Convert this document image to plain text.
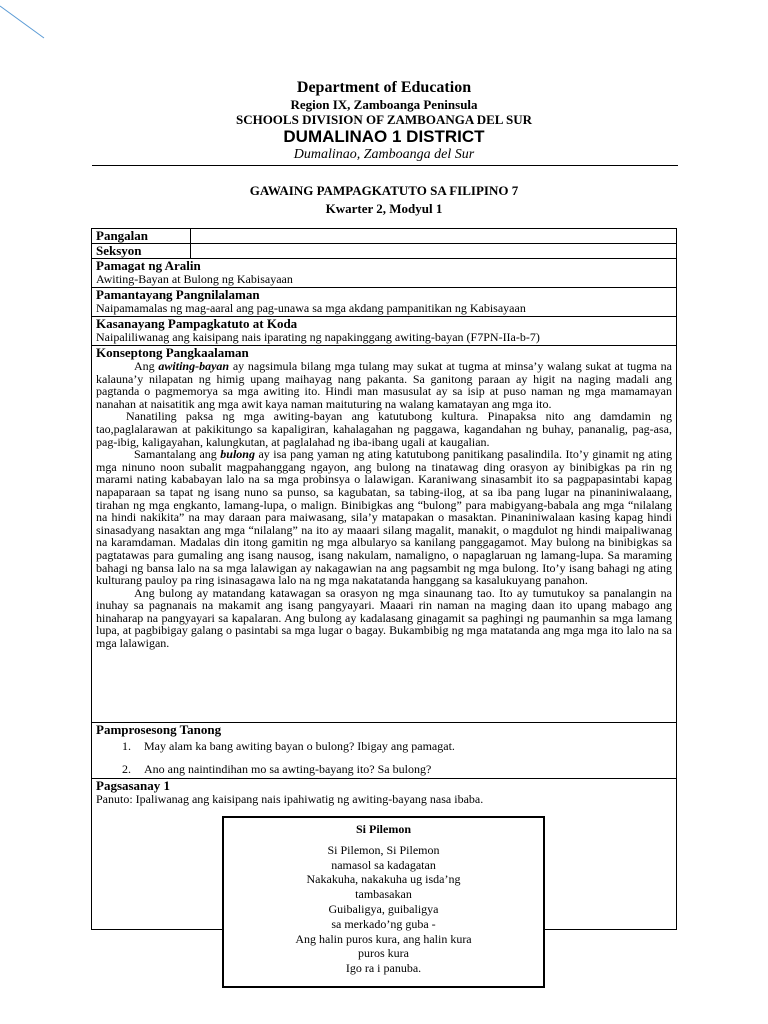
Department of Education
Region IX, Zamboanga Peninsula
SCHOOLS DIVISION OF ZAMBOANGA DEL SUR
DUMALINAO 1 DISTRICT
Dumalinao, Zamboanga del Sur
GAWAING PAMPAGKATUTO SA FILIPINO 7
Kwarter 2, Modyul 1
Pangalan
Seksyon
Pamagat ng Aralin
Awiting-Bayan at Bulong ng Kabisayaan
Pamantayang Pangnilalaman
Naipamamalas ng mag-aaral ang pag-unawa sa mga akdang pampanitikan ng Kabisayaan
Kasanayang Pampagkatuto at Koda
Naipaliliwanag ang kaisipang nais iparating ng napakinggang awiting-bayan (F7PN-IIa-b-7)
Konseptong Pangkaalaman

Ang awiting-bayan ay nagsimula bilang mga tulang may sukat at tugma at minsa’y walang sukat at tugma na kalauna’y nilapatan ng himig upang maihayag nang pakanta. Sa ganitong paraan ay higit na naging madali ang pagtanda o pagmemorya sa mga awiting ito. Hindi man masusulat ay sa isip at puso naman ng mga mamamayan nanahan at naisatitik ang mga awit kaya naman maituturing na walang kamatayan ang mga ito.

Nanatiling paksa ng mga awiting-bayan ang katutubong kultura. Pinapaksa nito ang damdamin ng tao,paglalarawan at pakikitungo sa kapaligiran, kahalagahan ng paggawa, kagandahan ng buhay, pananalig, pag-asa, pag-ibig, kaligayahan, kalungkutan, at paglalahad ng iba-ibang ugali at kaugalian.

Samantalang ang bulong ay isa pang yaman ng ating katutubong panitikang pasalindila. Ito’y ginamit ng ating mga ninuno noon subalit magpahanggang ngayon, ang bulong na tinatawag ding orasyon ay binibigkas pa rin ng marami nating kababayan lalo na sa mga probinsya o lalawigan. Karaniwang sinasambit ito sa pagpapasintabi kapag napaparaan sa tapat ng isang nuno sa punso, sa kagubatan, sa tabing-ilog, at sa iba pang lugar na pinaniniwalaang, tirahan ng mga engkanto, lamang-lupa, o malign. Binibigkas ang “bulong” para mabigyang-babala ang mga “nilalang na hindi nakikita” na may daraan para maiwasang, sila’y matapakan o masaktan. Pinaniniwalaan kasing kapag hindi sinasadyang nasaktan ang mga “nilalang” na ito ay maaari silang magalit, manakit, o magdulot ng hindi maipaliwanag na karamdaman. Madalas din itong gamitin ng mga albularyo sa kanilang panggagamot. May bulong na binibigkas sa pagtatawas para gumaling ang isang nausog, isang nakulam, namaligno, o napaglaruan ng lamang-lupa. Sa maraming bahagi ng bansa lalo na sa mga lalawigan ay nakagawian na ang pagsambit ng mga bulong. Ito’y isang bahagi ng ating kulturang pauloy pa ring isinasagawa lalo na ng mga nakatatanda hanggang sa kasalukuyang panahon.

Ang bulong ay matandang katawagan sa orasyon ng mga sinaunang tao. Ito ay tumutukoy sa panalangin na inuhay sa pagnanais na makamit ang isang pangyayari. Maaari rin naman na maging daan ito upang mabago ang hinaharap na pangyayari sa kapalaran. Ang bulong ay kadalasang ginagamit sa paghingi ng paumanhin sa mga lamang lupa, at pagbibigay galang o pasintabi sa mga lugar o bagay. Bukambibig ng mga matatanda ang mga mga ito lalo na sa mga lalawigan.

Pamprosesong Tanong
1. May alam ka bang awiting bayan o bulong? Ibigay ang pamagat.
2. Ano ang naintindihan mo sa awting-bayang ito? Sa bulong?
Pagsasanay 1
Panuto: Ipaliwanag ang kaisipang nais ipahiwatig ng awiting-bayang nasa ibaba.
Si Pilemon
Si Pilemon, Si Pilemon
namasol sa kadagatan
Nakakuha, nakakuha ug isda’ng
tambasakan
Guibaligya, guibaligya
sa merkado’ng guba -
Ang halin puros kura, ang halin kura
puros kura
Igo ra i panuba.
